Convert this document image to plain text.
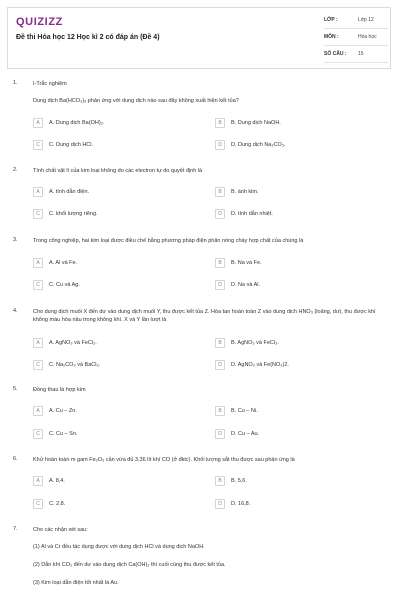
QUIZIZZ
Đề thi Hóa học 12 Học kì 2 có đáp án (Đề 4)
LỚP :	Lớp 12
MÔN :	Hóa học
SỐ CÂU : 15
1.	I-Trắc nghiệm
Dung dịch Ba(HCO₃)₂ phản ứng với dung dịch nào sau đây không xuất hiện kết tủa?
A	A. Dung dịch Ba(OH)₂.	B	B. Dung dịch NaOH.
C	C. Dung dịch HCl.	D	D. Dung dịch Na₂CO₃.
2.	Tính chất vật lí của kim loại không do các electron tự do quyết định là
A	A. tính dẫn điện.	B	B. ánh kim.
C	C. khối lượng riêng.	D	D. tính dẫn nhiệt.
3.	Trong công nghiệp, hai kim loại được điều chế bằng phương pháp điện phân nóng chảy hợp chất của chúng là
A	A. Al và Fe.	B	B. Na và Fe.
C	C. Cu và Ag.	D	D. Na và Al.
4.	Cho dung dịch muối X đến dư vào dung dịch muối Y, thu được kết tủa Z. Hòa tan hoàn toàn Z vào dung dịch HNO₃ (loãng, dư), thu được khí không màu hóa nâu trong không khí. X và Y lần lượt là
A	A. AgNO₃ và FeCl₂.	B	B. AgNO₃ và FeCl₃.
C	C. Na₂CO₃ và BaCl₂.	D	D. AgNO₃ và Fe(NO₃)2.
5.	Đồng thau là hợp kim
A	A. Cu – Zn.	B	B. Cu – Ni.
C	C. Cu – Sn.	D	D. Cu – Au.
6.	Khử hoàn toàn m gam Fe₂O₃ cần vừa đủ 3,36 lít khí CO (ở đktc). Khối lượng sắt thu được sau phản ứng là
A	A. 8,4.	B	B. 5,6.
C	C. 2,8.	D	D. 16,8.
7.	Cho các nhận xét sau:
(1) Al và Cr đều tác dụng được với dung dịch HCl và dung dịch NaOH.
(2) Dẫn khí CO₂ đến dư vào dung dịch Ca(OH)₂ thì cuối cùng thu được kết tủa.
(3) Kim loại dẫn điện tốt nhất là Au.
